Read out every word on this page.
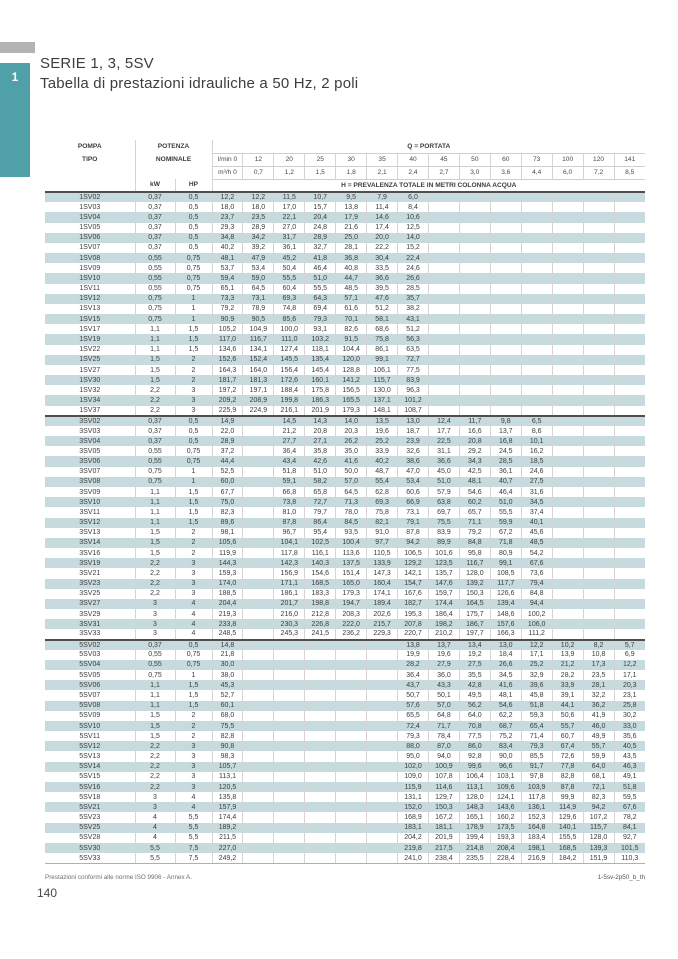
1
SERIE 1, 3, 5SV
Tabella di prestazioni idrauliche a 50 Hz, 2 poli
POMPA	POTENZA		Q = PORTATA													
TIPO	NOMINALE		l/min 0	12	20	25	30	35	40	45	50	60	73	100	120	141
			m³/h 0	0,7	1,2	1,5	1,8	2,1	2,4	2,7	3,0	3,6	4,4	6,0	7,2	8,5
	kW	HP	H = PREVALENZA TOTALE IN METRI COLONNA ACQUA													
1SV02	0,37	0,5	12,2	12,2	11,5	10,7	9,5	7,9	6,0							
1SV03	0,37	0,5	18,0	18,0	17,0	15,7	13,8	11,4	8,4							
1SV04	0,37	0,5	23,7	23,5	22,1	20,4	17,9	14,6	10,6							
1SV05	0,37	0,5	29,3	28,9	27,0	24,8	21,6	17,4	12,5							
1SV06	0,37	0,5	34,8	34,2	31,7	28,9	25,0	20,0	14,0							
1SV07	0,37	0,5	40,2	39,2	36,1	32,7	28,1	22,2	15,2							
1SV08	0,55	0,75	48,1	47,9	45,2	41,8	36,8	30,4	22,4							
1SV09	0,55	0,75	53,7	53,4	50,4	46,4	40,8	33,5	24,6							
1SV10	0,55	0,75	59,4	59,0	55,5	51,0	44,7	36,6	26,6							
1SV11	0,55	0,75	65,1	64,5	60,4	55,5	48,5	39,5	28,5							
1SV12	0,75	1	73,3	73,1	69,3	64,3	57,1	47,6	35,7							
1SV13	0,75	1	79,2	78,9	74,8	69,4	61,6	51,2	38,2							
1SV15	0,75	1	90,9	90,5	85,6	79,3	70,1	58,1	43,1							
1SV17	1,1	1,5	105,2	104,9	100,0	93,1	82,6	68,6	51,2							
1SV19	1,1	1,5	117,0	116,7	111,0	103,2	91,5	75,8	56,3							
1SV22	1,1	1,5	134,6	134,1	127,4	118,1	104,4	86,1	63,5							
1SV25	1,5	2	152,6	152,4	145,5	135,4	120,0	99,1	72,7							
1SV27	1,5	2	164,3	164,0	156,4	145,4	128,8	106,1	77,5							
1SV30	1,5	2	181,7	181,3	172,6	160,1	141,2	115,7	83,9							
1SV32	2,2	3	197,2	197,1	188,4	175,8	156,5	130,0	96,3							
1SV34	2,2	3	209,2	208,9	199,8	186,3	165,5	137,1	101,2							
1SV37	2,2	3	225,9	224,9	216,1	201,9	179,3	148,1	108,7							
3SV02	0,37	0,5	14,9		14,5	14,3	14,0	13,5	13,0	12,4	11,7	9,8	6,5			
3SV03	0,37	0,5	22,0		21,2	20,8	20,3	19,6	18,7	17,7	16,6	13,7	8,6			
3SV04	0,37	0,5	28,9		27,7	27,1	26,2	25,2	23,9	22,5	20,8	16,8	10,1			
3SV05	0,55	0,75	37,2		36,4	35,8	35,0	33,9	32,6	31,1	29,2	24,5	16,2			
3SV06	0,55	0,75	44,4		43,4	42,6	41,6	40,2	38,6	36,6	34,3	28,5	18,5			
3SV07	0,75	1	52,5		51,8	51,0	50,0	48,7	47,0	45,0	42,5	36,1	24,6			
3SV08	0,75	1	60,0		59,1	58,2	57,0	55,4	53,4	51,0	48,1	40,7	27,5			
3SV09	1,1	1,5	67,7		66,8	65,8	64,5	62,8	60,6	57,9	54,6	46,4	31,6			
3SV10	1,1	1,5	75,0		73,8	72,7	71,3	69,3	66,9	63,8	60,2	51,0	34,5			
3SV11	1,1	1,5	82,3		81,0	79,7	78,0	75,8	73,1	69,7	65,7	55,5	37,4			
3SV12	1,1	1,5	89,6		87,8	86,4	84,5	82,1	79,1	75,5	71,1	59,9	40,1			
3SV13	1,5	2	98,1		96,7	95,4	93,5	91,0	87,8	83,9	79,2	67,2	45,6			
3SV14	1,5	2	105,6		104,1	102,5	100,4	97,7	94,2	89,9	84,8	71,8	48,5			
3SV16	1,5	2	119,9		117,8	116,1	113,6	110,5	106,5	101,6	95,8	80,9	54,2			
3SV19	2,2	3	144,3		142,3	140,3	137,5	133,9	129,2	123,5	116,7	99,1	67,6			
3SV21	2,2	3	159,3		156,9	154,6	151,4	147,3	142,1	135,7	128,0	108,5	73,6			
3SV23	2,2	3	174,0		171,1	168,5	165,0	160,4	154,7	147,6	139,2	117,7	79,4			
3SV25	2,2	3	188,5		186,1	183,3	179,3	174,1	167,6	159,7	150,3	126,6	84,8			
3SV27	3	4	204,4		201,7	198,8	194,7	189,4	182,7	174,4	164,5	139,4	94,4			
3SV29	3	4	219,3		216,0	212,8	208,3	202,6	195,3	186,4	175,7	148,6	100,2			
3SV31	3	4	233,8		230,3	226,8	222,0	215,7	207,8	198,2	186,7	157,6	106,0			
3SV33	3	4	248,5		245,3	241,5	236,2	229,3	220,7	210,2	197,7	166,3	111,2			
5SV02	0,37	0,5	14,8						13,8	13,7	13,4	13,0	12,2	10,2	8,2	5,7
5SV03	0,55	0,75	21,8						19,9	19,6	19,2	18,4	17,1	13,9	10,8	6,9
5SV04	0,55	0,75	30,0						28,2	27,9	27,5	26,6	25,2	21,2	17,3	12,2
5SV05	0,75	1	38,0						36,4	36,0	35,5	34,5	32,9	28,2	23,5	17,1
5SV06	1,1	1,5	45,3						43,7	43,3	42,8	41,6	39,6	33,9	28,1	20,3
5SV07	1,1	1,5	52,7						50,7	50,1	49,5	48,1	45,8	39,1	32,2	23,1
5SV08	1,1	1,5	60,1						57,6	57,0	56,2	54,6	51,8	44,1	36,2	25,8
5SV09	1,5	2	68,0						65,5	64,8	64,0	62,2	59,3	50,6	41,9	30,2
5SV10	1,5	2	75,5						72,4	71,7	70,8	68,7	65,4	55,7	46,0	33,0
5SV11	1,5	2	82,8						79,3	78,4	77,5	75,2	71,4	60,7	49,9	35,6
5SV12	2,2	3	90,8						88,0	87,0	86,0	83,4	79,3	67,4	55,7	40,5
5SV13	2,2	3	98,3						95,0	94,0	92,8	90,0	85,5	72,6	59,9	43,5
5SV14	2,2	3	105,7						102,0	100,9	99,6	96,6	91,7	77,8	64,0	46,3
5SV15	2,2	3	113,1						109,0	107,8	106,4	103,1	97,8	82,8	68,1	49,1
5SV16	2,2	3	120,5						115,9	114,6	113,1	109,6	103,9	87,8	72,1	51,8
5SV18	3	4	135,8						131,1	129,7	128,0	124,1	117,8	99,9	82,3	59,5
5SV21	3	4	157,9						152,0	150,3	148,3	143,6	136,1	114,9	94,2	67,6
5SV23	4	5,5	174,4						168,9	167,2	165,1	160,2	152,3	129,6	107,2	78,2
5SV25	4	5,5	189,2						183,1	181,1	178,9	173,5	164,8	140,1	115,7	84,1
5SV28	4	5,5	211,5						204,2	201,9	199,4	193,3	183,4	155,5	128,0	92,7
5SV30	5,5	7,5	227,0						219,8	217,5	214,8	208,4	198,1	168,5	139,3	101,5
5SV33	5,5	7,5	249,2						241,0	238,4	235,5	228,4	216,9	184,2	151,9	110,3
Prestazioni conformi alle norme ISO 9906 - Annex A.	1-5sv-2p50_b_th
140
